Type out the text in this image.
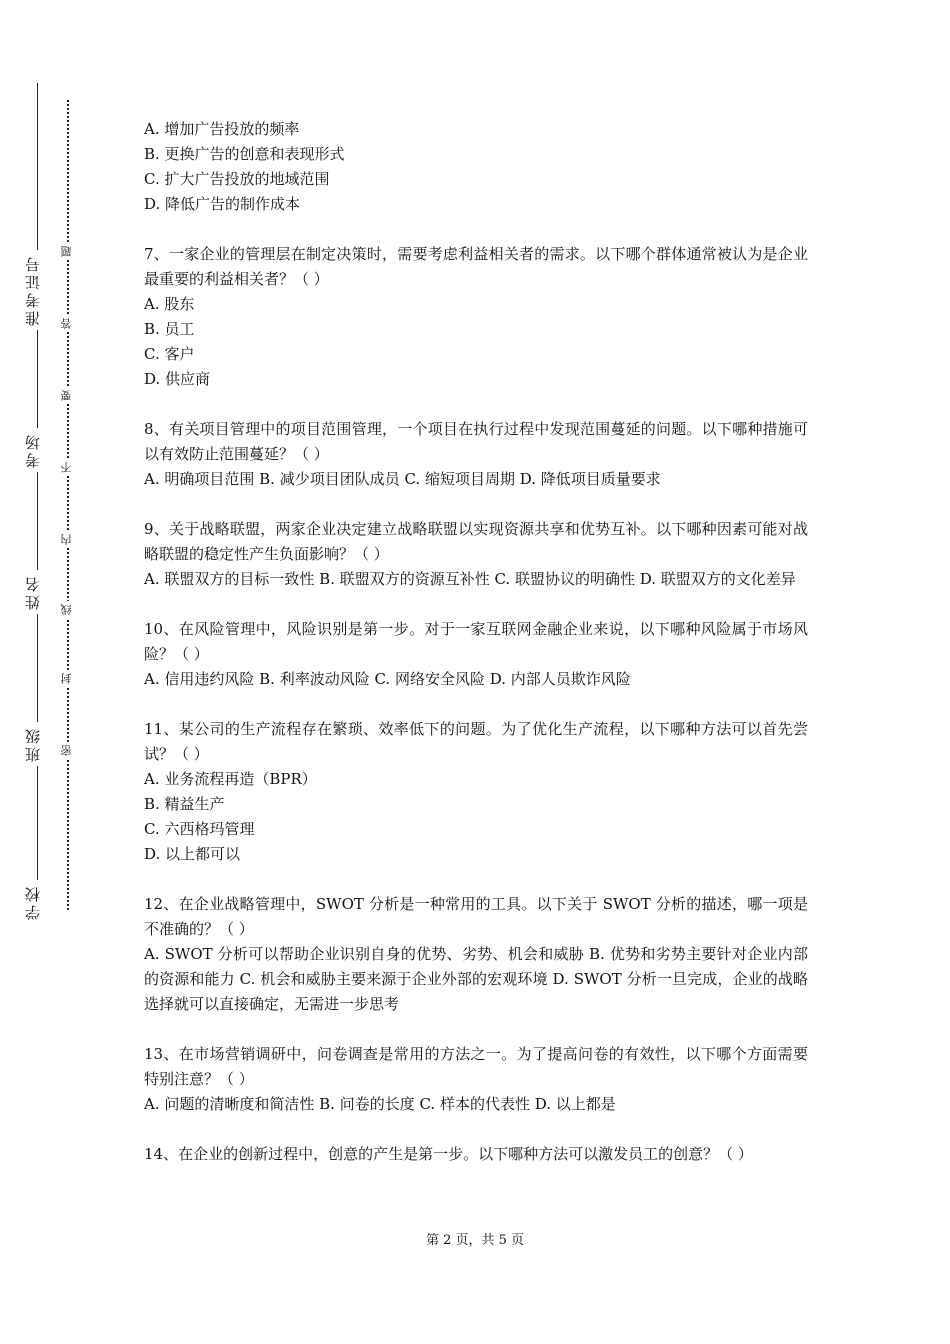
准考证号
考场
姓名
班级
学校
题
答
要
不
内
线
封
密

A. 增加广告投放的频率

B. 更换广告的创意和表现形式

C. 扩大广告投放的地域范围

D. 降低广告的制作成本

7、一家企业的管理层在制定决策时，需要考虑利益相关者的需求。以下哪个群体通常被认为是企业最重要的利益相关者？（ ）

A. 股东

B. 员工

C. 客户

D. 供应商

8、有关项目管理中的项目范围管理，一个项目在执行过程中发现范围蔓延的问题。以下哪种措施可以有效防止范围蔓延？（ ）

A. 明确项目范围 B. 减少项目团队成员 C. 缩短项目周期 D. 降低项目质量要求

9、关于战略联盟，两家企业决定建立战略联盟以实现资源共享和优势互补。以下哪种因素可能对战略联盟的稳定性产生负面影响？（ ）

A. 联盟双方的目标一致性 B. 联盟双方的资源互补性 C. 联盟协议的明确性 D. 联盟双方的文化差异

10、在风险管理中，风险识别是第一步。对于一家互联网金融企业来说，以下哪种风险属于市场风险？（ ）

A. 信用违约风险 B. 利率波动风险 C. 网络安全风险 D. 内部人员欺诈风险

11、某公司的生产流程存在繁琐、效率低下的问题。为了优化生产流程，以下哪种方法可以首先尝试？（ ）

A. 业务流程再造（BPR）

B. 精益生产

C. 六西格玛管理

D. 以上都可以

12、在企业战略管理中，SWOT 分析是一种常用的工具。以下关于 SWOT 分析的描述，哪一项是不准确的？（ ）

A. SWOT 分析可以帮助企业识别自身的优势、劣势、机会和威胁 B. 优势和劣势主要针对企业内部的资源和能力 C. 机会和威胁主要来源于企业外部的宏观环境 D. SWOT 分析一旦完成，企业的战略选择就可以直接确定，无需进一步思考

13、在市场营销调研中，问卷调查是常用的方法之一。为了提高问卷的有效性，以下哪个方面需要特别注意？（ ）

A. 问题的清晰度和简洁性 B. 问卷的长度 C. 样本的代表性 D. 以上都是

14、在企业的创新过程中，创意的产生是第一步。以下哪种方法可以激发员工的创意？（ ）

第 2 页，共 5 页
